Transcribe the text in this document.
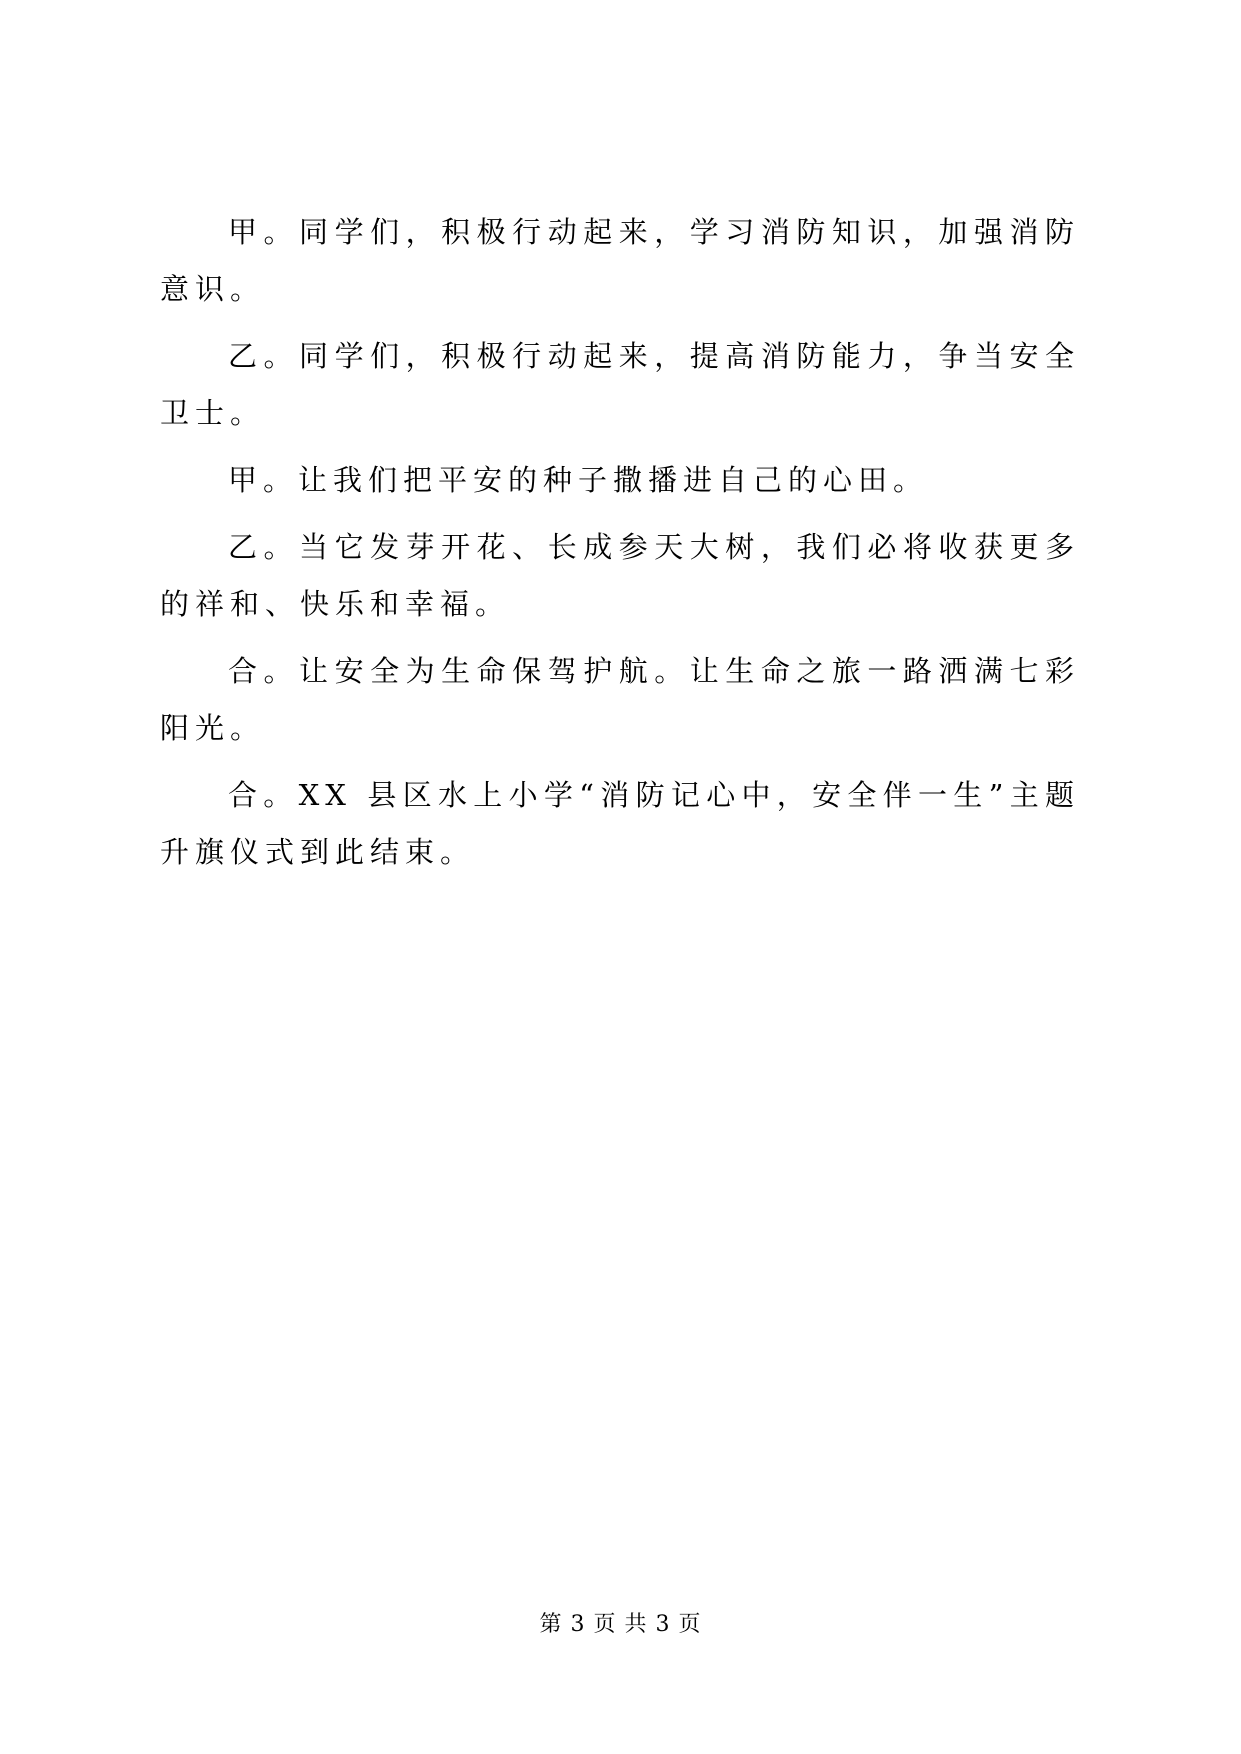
甲。同学们，积极行动起来，学习消防知识，加强消防意识。

乙。同学们，积极行动起来，提高消防能力，争当安全卫士。

甲。让我们把平安的种子撒播进自己的心田。

乙。当它发芽开花、长成参天大树，我们必将收获更多的祥和、快乐和幸福。

合。让安全为生命保驾护航。让生命之旅一路洒满七彩阳光。

合。XX 县区水上小学“消防记心中，安全伴一生”主题升旗仪式到此结束。

第 3 页 共 3 页
